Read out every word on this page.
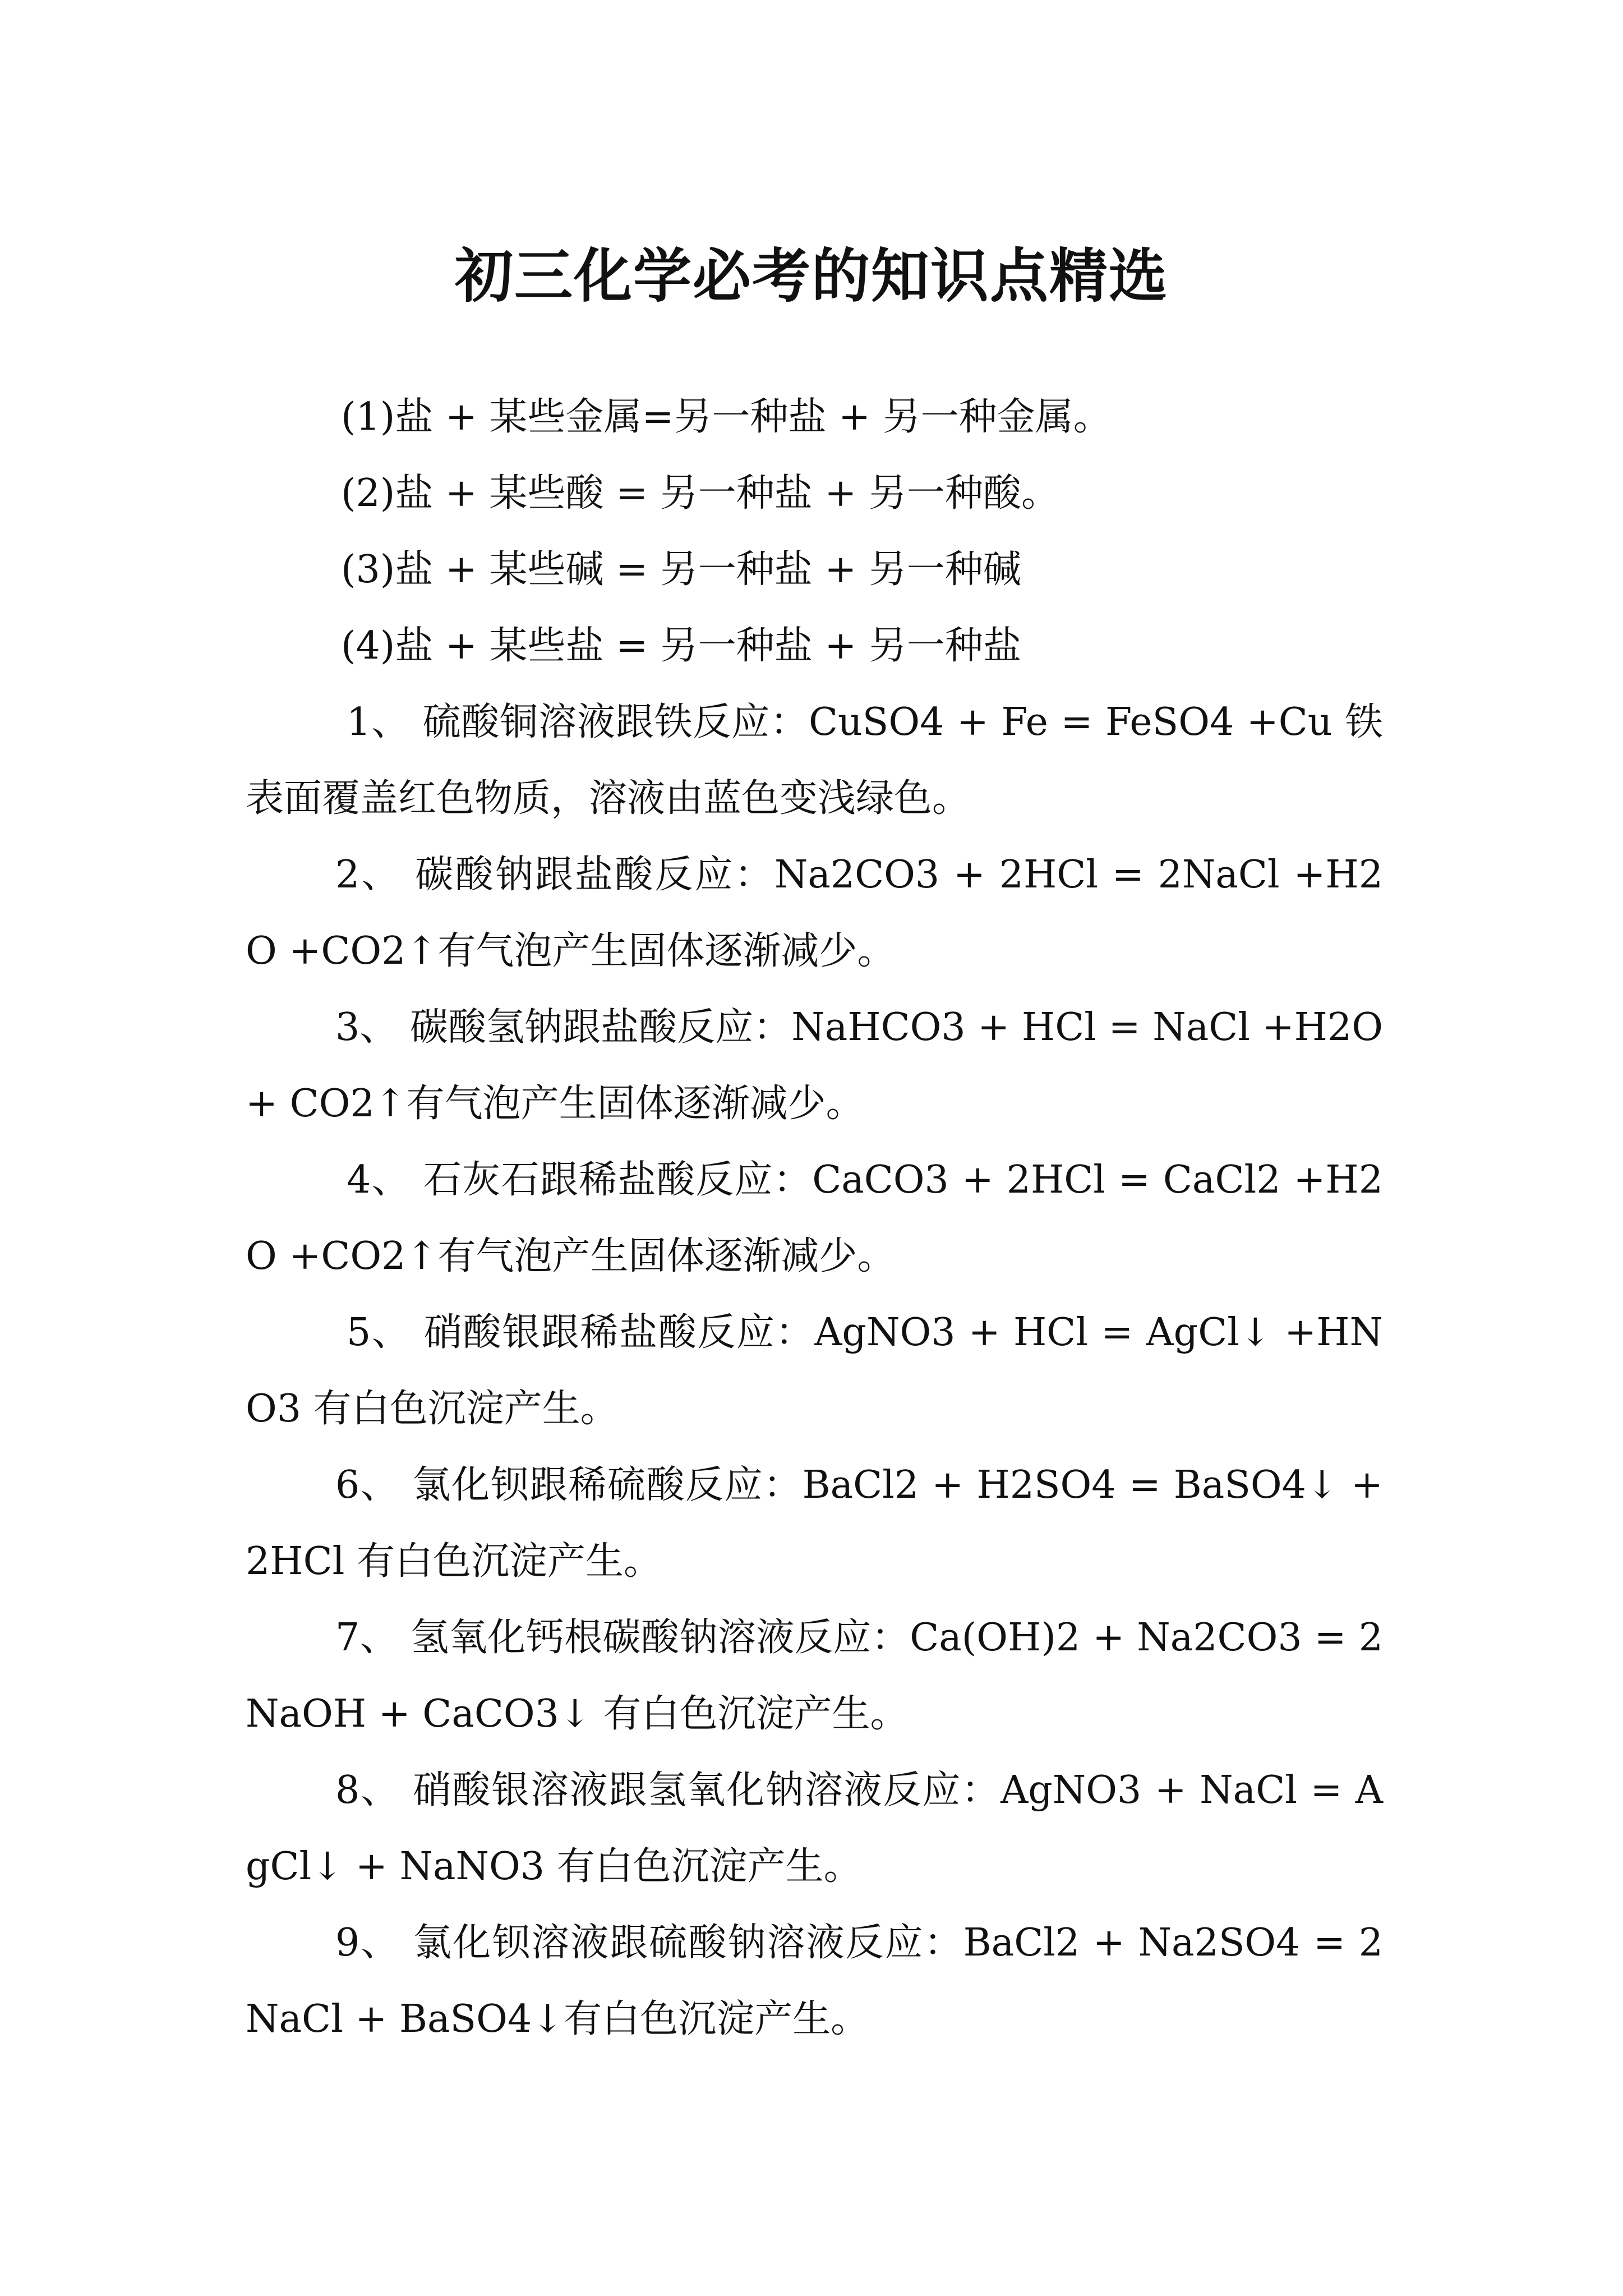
初三化学必考的知识点精选

(1)盐 + 某些金属=另一种盐 + 另一种金属。

(2)盐 + 某些酸 = 另一种盐 + 另一种酸。

(3)盐 + 某些碱 = 另一种盐 + 另一种碱

(4)盐 + 某些盐 = 另一种盐 + 另一种盐

1、 硫酸铜溶液跟铁反应：CuSO4 + Fe = FeSO4 +Cu 铁表面覆盖红色物质，溶液由蓝色变浅绿色。

2、 碳酸钠跟盐酸反应：Na2CO3 + 2HCl = 2NaCl +H2O +CO2↑有气泡产生固体逐渐减少。

3、 碳酸氢钠跟盐酸反应：NaHCO3 + HCl = NaCl +H2O + CO2↑有气泡产生固体逐渐减少。

4、 石灰石跟稀盐酸反应：CaCO3 + 2HCl = CaCl2 +H2O +CO2↑有气泡产生固体逐渐减少。

5、 硝酸银跟稀盐酸反应：AgNO3 + HCl = AgCl↓ +HNO3 有白色沉淀产生。

6、 氯化钡跟稀硫酸反应：BaCl2 + H2SO4 = BaSO4↓ + 2HCl 有白色沉淀产生。

7、 氢氧化钙根碳酸钠溶液反应：Ca(OH)2 + Na2CO3 = 2NaOH + CaCO3↓ 有白色沉淀产生。

8、 硝酸银溶液跟氢氧化钠溶液反应：AgNO3 + NaCl = AgCl↓ + NaNO3 有白色沉淀产生。

9、 氯化钡溶液跟硫酸钠溶液反应：BaCl2 + Na2SO4 = 2NaCl + BaSO4↓有白色沉淀产生。
